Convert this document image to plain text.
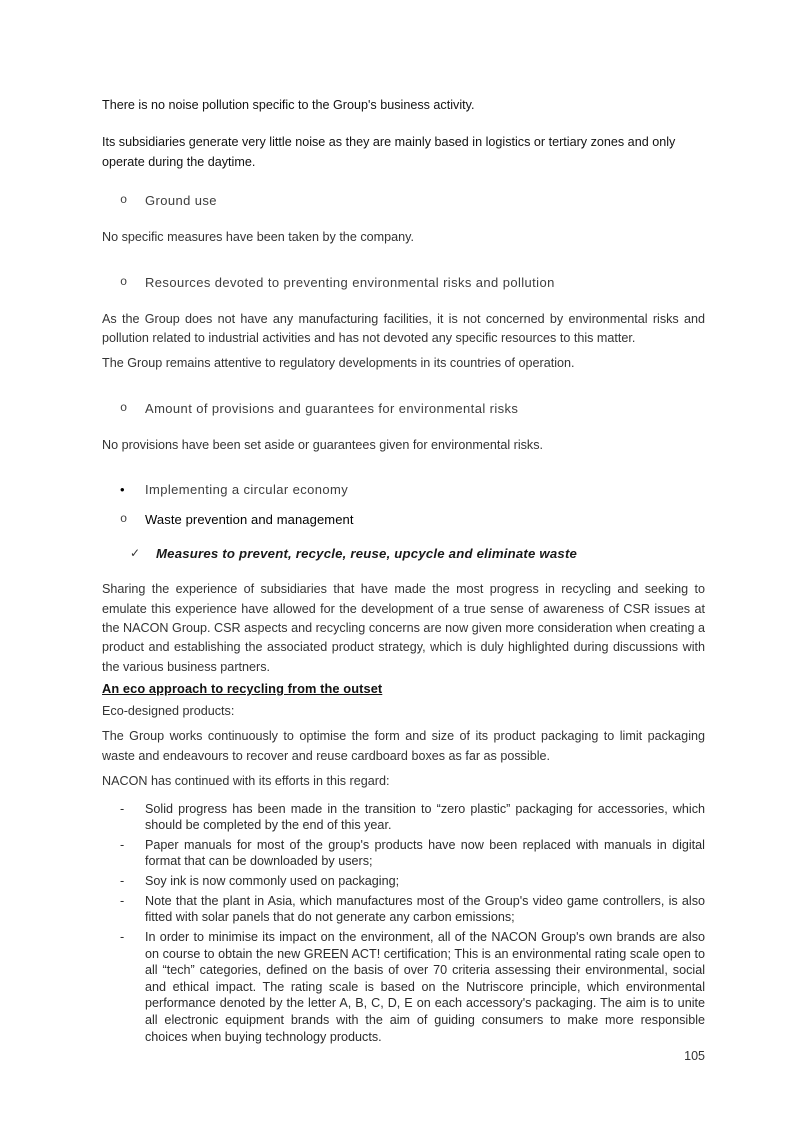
There is no noise pollution specific to the Group's business activity.

Its subsidiaries generate very little noise as they are mainly based in logistics or tertiary zones and only operate during the daytime.

o	Ground use

No specific measures have been taken by the company.

o	Resources devoted to preventing environmental risks and pollution

As the Group does not have any manufacturing facilities, it is not concerned by environmental risks and pollution related to industrial activities and has not devoted any specific resources to this matter.

The Group remains attentive to regulatory developments in its countries of operation.

o	Amount of provisions and guarantees for environmental risks

No provisions have been set aside or guarantees given for environmental risks.

•	Implementing a circular economy
o	Waste prevention and management
✓	Measures to prevent, recycle, reuse, upcycle and eliminate waste

Sharing the experience of subsidiaries that have made the most progress in recycling and seeking to emulate this experience have allowed for the development of a true sense of awareness of CSR issues at the NACON Group. CSR aspects and recycling concerns are now given more consideration when creating a product and establishing the associated product strategy, which is duly highlighted during discussions with the various business partners.

An eco approach to recycling from the outset

Eco-designed products:

The Group works continuously to optimise the form and size of its product packaging to limit packaging waste and endeavours to recover and reuse cardboard boxes as far as possible.

NACON has continued with its efforts in this regard:

-	Solid progress has been made in the transition to “zero plastic” packaging for accessories, which should be completed by the end of this year.
-	Paper manuals for most of the group's products have now been replaced with manuals in digital format that can be downloaded by users;
-	Soy ink is now commonly used on packaging;
-	Note that the plant in Asia, which manufactures most of the Group's video game controllers, is also fitted with solar panels that do not generate any carbon emissions;
-	In order to minimise its impact on the environment, all of the NACON Group's own brands are also on course to obtain the new GREEN ACT! certification; This is an environmental rating scale open to all “tech” categories, defined on the basis of over 70 criteria assessing their environmental, social and ethical impact. The rating scale is based on the Nutriscore principle, which environmental performance denoted by the letter A, B, C, D, E on each accessory's packaging. The aim is to unite all electronic equipment brands with the aim of guiding consumers to make more responsible choices when buying technology products.
105
